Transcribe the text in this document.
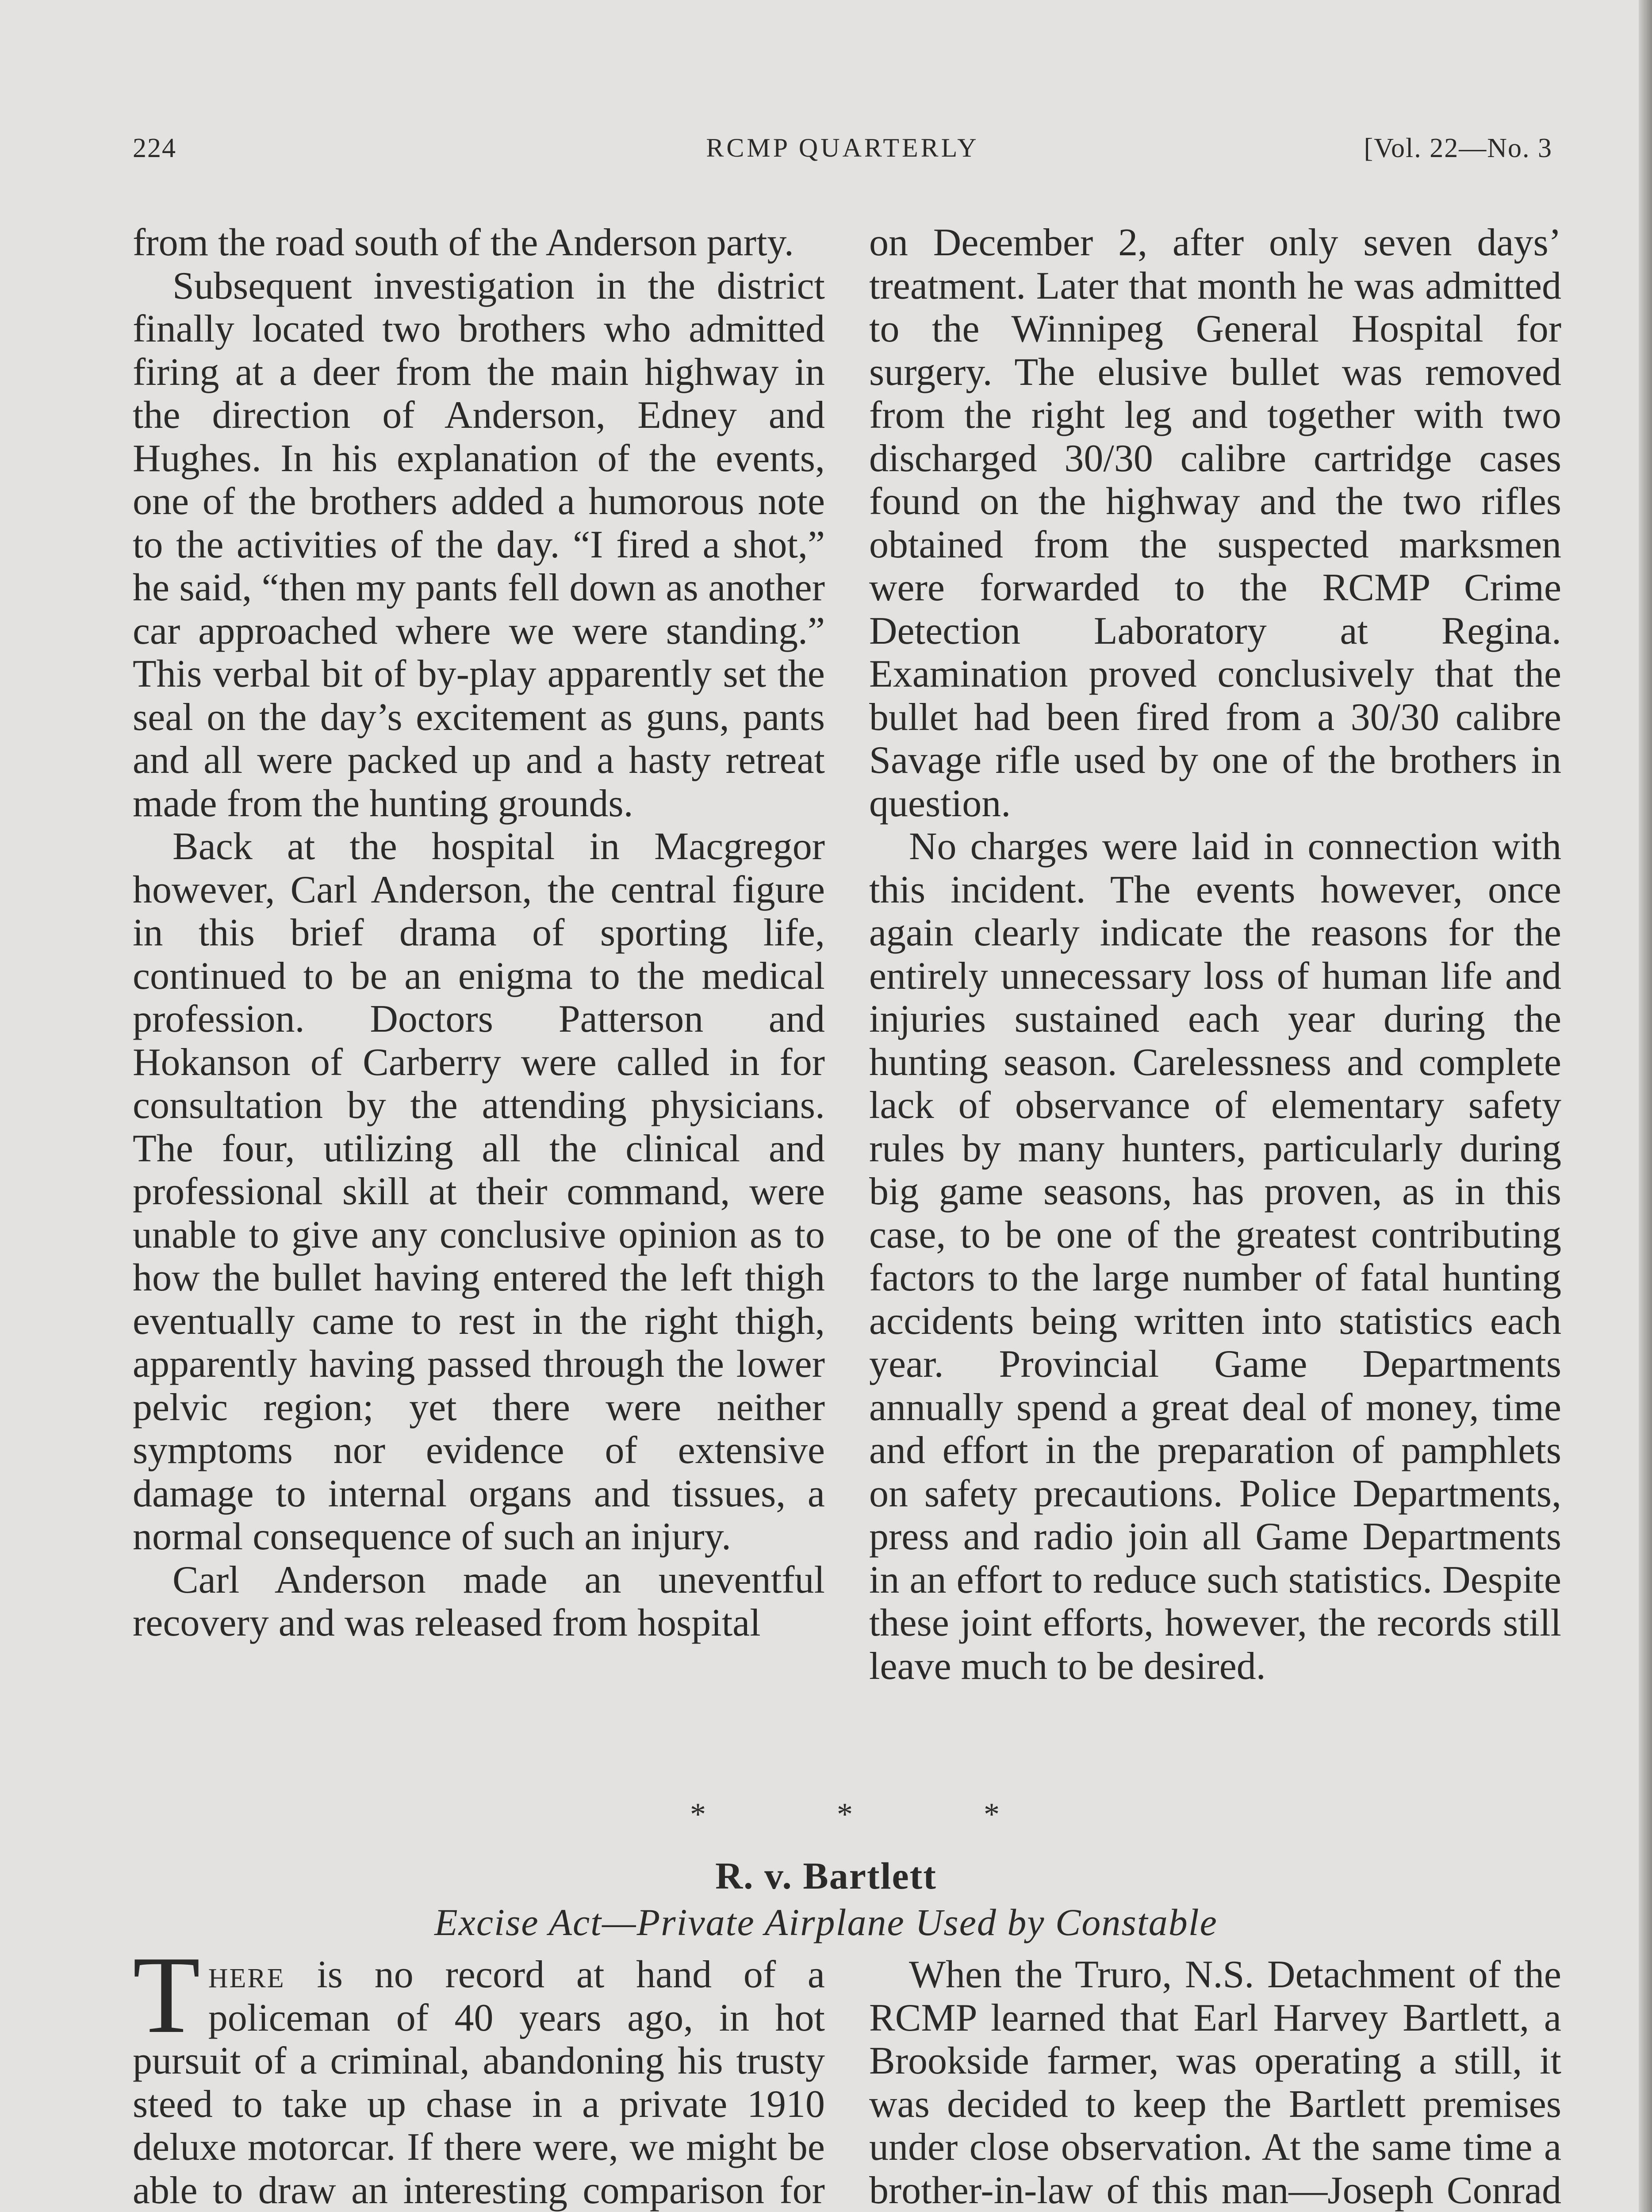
224	RCMP QUARTERLY	[Vol. 22—No. 3

from the road south of the Anderson party.

Subsequent investigation in the district finally located two brothers who admitted firing at a deer from the main highway in the direction of Anderson, Edney and Hughes. In his explanation of the events, one of the brothers added a humorous note to the activities of the day. “I fired a shot,” he said, “then my pants fell down as another car approached where we were standing.” This verbal bit of by-play apparently set the seal on the day’s excitement as guns, pants and all were packed up and a hasty retreat made from the hunting grounds.

Back at the hospital in Macgregor however, Carl Anderson, the central figure in this brief drama of sporting life, continued to be an enigma to the medical profession. Doctors Patterson and Hokanson of Carberry were called in for consultation by the attending physicians. The four, utilizing all the clinical and professional skill at their command, were unable to give any conclusive opinion as to how the bullet having entered the left thigh eventually came to rest in the right thigh, apparently having passed through the lower pelvic region; yet there were neither symptoms nor evidence of extensive damage to internal organs and tissues, a normal consequence of such an injury.

Carl Anderson made an uneventful recovery and was released from hospital

on December 2, after only seven days’ treatment. Later that month he was admitted to the Winnipeg General Hospital for surgery. The elusive bullet was removed from the right leg and together with two discharged 30/30 calibre cartridge cases found on the highway and the two rifles obtained from the suspected marksmen were forwarded to the RCMP Crime Detection Laboratory at Regina. Examination proved conclusively that the bullet had been fired from a 30/30 calibre Savage rifle used by one of the brothers in question.

No charges were laid in connection with this incident. The events however, once again clearly indicate the reasons for the entirely unnecessary loss of human life and injuries sustained each year during the hunting season. Carelessness and complete lack of observance of elementary safety rules by many hunters, particularly during big game seasons, has proven, as in this case, to be one of the greatest contributing factors to the large number of fatal hunting accidents being written into statistics each year. Provincial Game Departments annually spend a great deal of money, time and effort in the preparation of pamphlets on safety precautions. Police Departments, press and radio join all Game Departments in an effort to reduce such statistics. Despite these joint efforts, however, the records still leave much to be desired.

*	*	*
R. v. Bartlett
Excise Act—Private Airplane Used by Constable

There is no record at hand of a policeman of 40 years ago, in hot pursuit of a criminal, abandoning his trusty steed to take up chase in a private 1910 deluxe motorcar. If there were, we might be able to draw an interesting comparison for

When the Truro, N.S. Detachment of the RCMP learned that Earl Harvey Bartlett, a Brookside farmer, was operating a still, it was decided to keep the Bartlett premises under close observation. At the same time a brother-in-law of this man—Joseph Conrad
